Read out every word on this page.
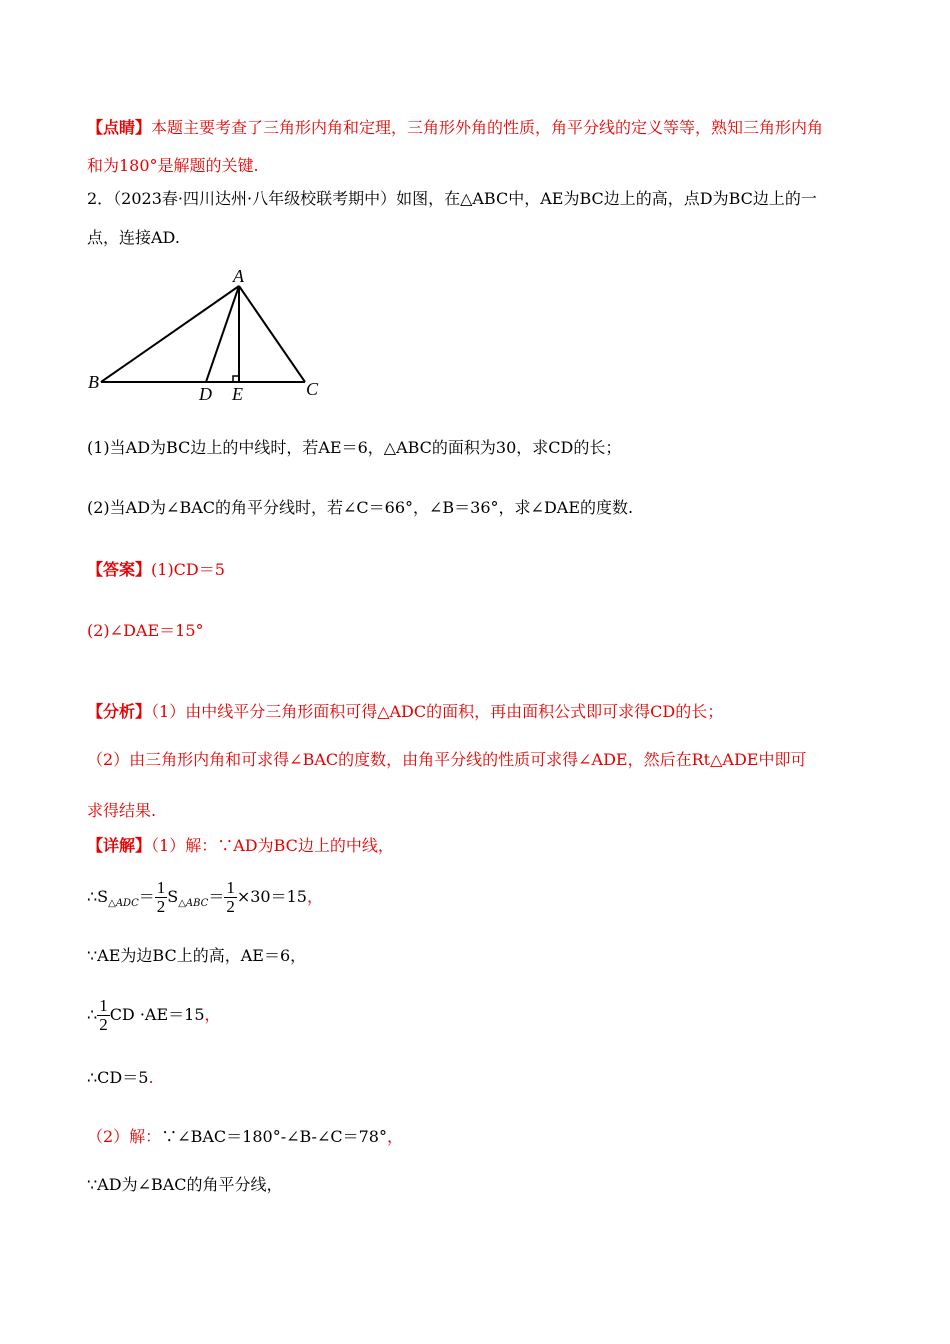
【点睛】本题主要考查了三角形内角和定理，三角形外角的性质，角平分线的定义等等，熟知三角形内角
和为180°是解题的关键.
2．（2023春·四川达州·八年级校联考期中）如图，在△ABC中，AE为BC边上的高，点D为BC边上的一
点，连接AD.
A
B	C
D E
(1)当AD为BC边上的中线时，若AE＝6，△ABC的面积为30，求CD的长；
(2)当AD为∠BAC的角平分线时，若∠C＝66°，∠B＝36°，求∠DAE的度数.
【答案】(1)CD＝5
(2)∠DAE＝15°
【分析】（1）由中线平分三角形面积可得△ADC的面积，再由面积公式即可求得CD的长；
（2）由三角形内角和可求得∠BAC的度数，由角平分线的性质可求得∠ADE，然后在Rt△ADE中即可
求得结果.
【详解】（1）解：∵AD为BC边上的中线，
$\therefore S_{\triangle ADC}= \frac{1}{2} S_{\triangle ABC}= \frac{1}{2} \times 30=15$，
∵AE为边BC上的高，AE＝6，
∴ $\frac{1}{2}$ CD ·AE＝15，
∴CD＝5.
（2）解：∵∠BAC＝180°-∠B-∠C＝78°，
∵AD为∠BAC的角平分线，
